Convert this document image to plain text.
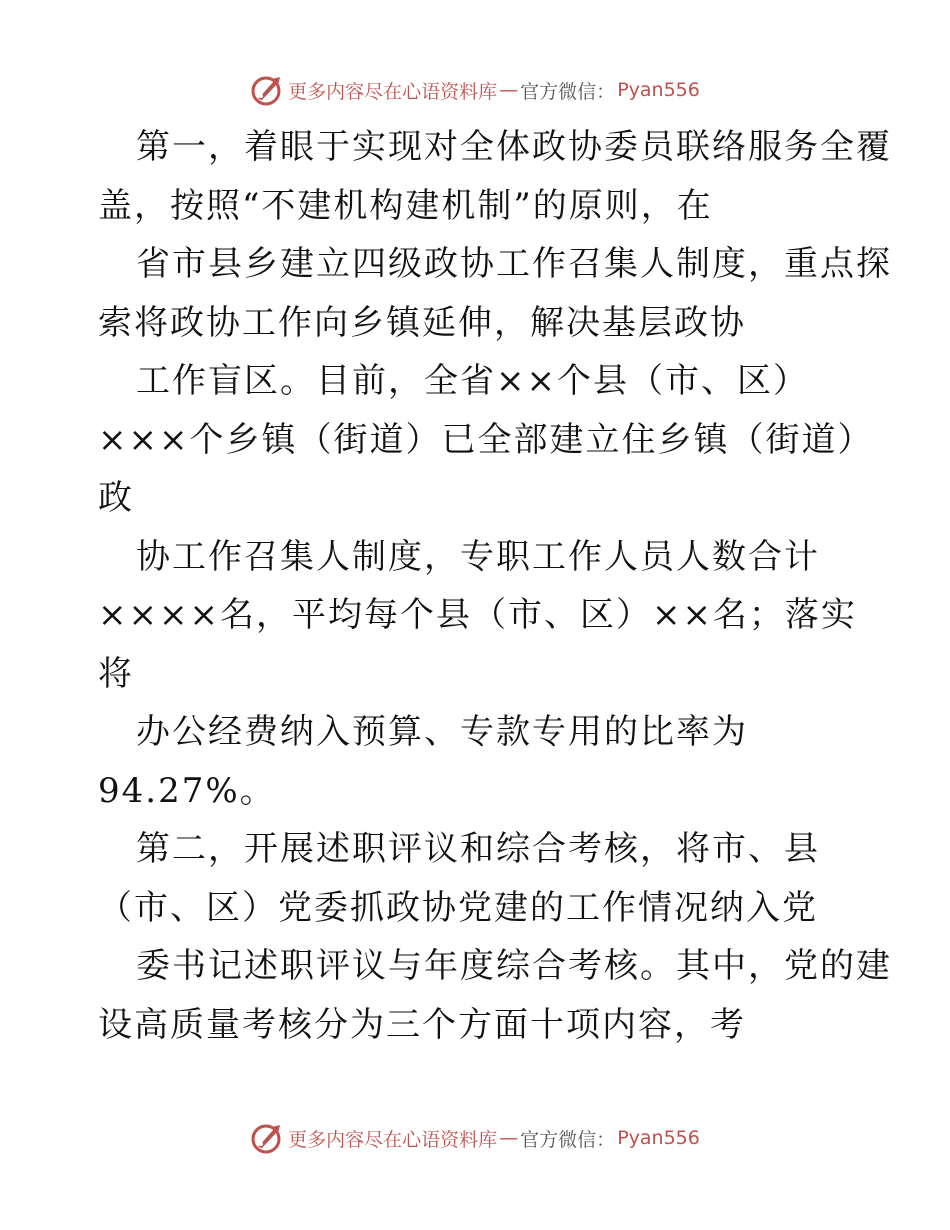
更多内容尽在心语资料库 — 官方微信： Pyan556
第一，着眼于实现对全体政协委员联络服务全覆
盖，按照“不建机构建机制”的原则，在
省市县乡建立四级政协工作召集人制度，重点探
索将政协工作向乡镇延伸，解决基层政协
工作盲区。目前，全省××个县（市、区）
×××个乡镇（街道）已全部建立住乡镇（街道）
政
协工作召集人制度，专职工作人员人数合计
××××名，平均每个县（市、区）××名；落实
将
办公经费纳入预算、专款专用的比率为
94.27%。
第二，开展述职评议和综合考核，将市、县
（市、区）党委抓政协党建的工作情况纳入党
委书记述职评议与年度综合考核。其中，党的建
设高质量考核分为三个方面十项内容，考
更多内容尽在心语资料库 — 官方微信： Pyan556
